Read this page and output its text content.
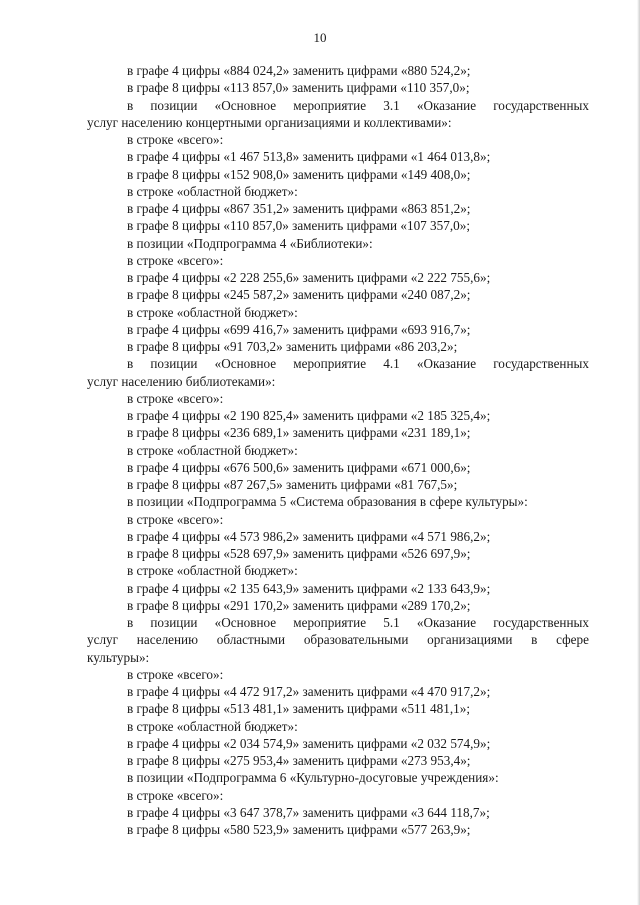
10
в графе 4 цифры «884 024,2» заменить цифрами «880 524,2»;
в графе 8 цифры «113 857,0» заменить цифрами «110 357,0»;
в позиции «Основное мероприятие 3.1 «Оказание государственных
услуг населению концертными организациями и коллективами»:
в строке «всего»:
в графе 4 цифры «1 467 513,8» заменить цифрами «1 464 013,8»;
в графе 8 цифры «152 908,0» заменить цифрами «149 408,0»;
в строке «областной бюджет»:
в графе 4 цифры «867 351,2» заменить цифрами «863 851,2»;
в графе 8 цифры «110 857,0» заменить цифрами «107 357,0»;
в позиции «Подпрограмма 4 «Библиотеки»:
в строке «всего»:
в графе 4 цифры «2 228 255,6» заменить цифрами «2 222 755,6»;
в графе 8 цифры «245 587,2» заменить цифрами «240 087,2»;
в строке «областной бюджет»:
в графе 4 цифры «699 416,7» заменить цифрами «693 916,7»;
в графе 8 цифры «91 703,2» заменить цифрами «86 203,2»;
в позиции «Основное мероприятие 4.1 «Оказание государственных
услуг населению библиотеками»:
в строке «всего»:
в графе 4 цифры «2 190 825,4» заменить цифрами «2 185 325,4»;
в графе 8 цифры «236 689,1» заменить цифрами «231 189,1»;
в строке «областной бюджет»:
в графе 4 цифры «676 500,6» заменить цифрами «671 000,6»;
в графе 8 цифры «87 267,5» заменить цифрами «81 767,5»;
в позиции «Подпрограмма 5 «Система образования в сфере культуры»:
в строке «всего»:
в графе 4 цифры «4 573 986,2» заменить цифрами «4 571 986,2»;
в графе 8 цифры «528 697,9» заменить цифрами «526 697,9»;
в строке «областной бюджет»:
в графе 4 цифры «2 135 643,9» заменить цифрами «2 133 643,9»;
в графе 8 цифры «291 170,2» заменить цифрами «289 170,2»;
в позиции «Основное мероприятие 5.1 «Оказание государственных
услуг населению областными образовательными организациями в сфере
культуры»:
в строке «всего»:
в графе 4 цифры «4 472 917,2» заменить цифрами «4 470 917,2»;
в графе 8 цифры «513 481,1» заменить цифрами «511 481,1»;
в строке «областной бюджет»:
в графе 4 цифры «2 034 574,9» заменить цифрами «2 032 574,9»;
в графе 8 цифры «275 953,4» заменить цифрами «273 953,4»;
в позиции «Подпрограмма 6 «Культурно-досуговые учреждения»:
в строке «всего»:
в графе 4 цифры «3 647 378,7» заменить цифрами «3 644 118,7»;
в графе 8 цифры «580 523,9» заменить цифрами «577 263,9»;
